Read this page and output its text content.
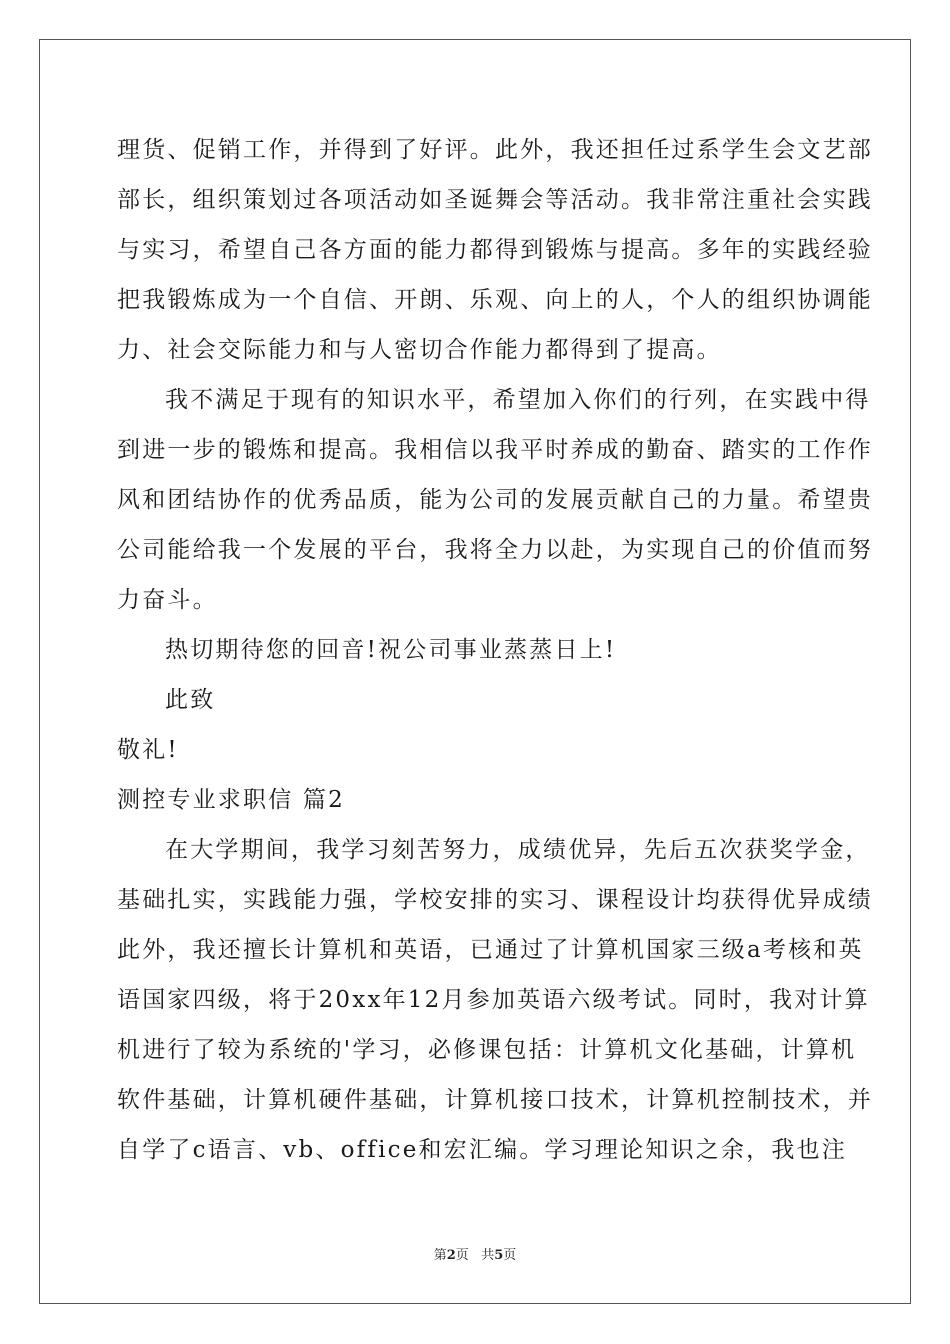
理货、促销工作，并得到了好评。此外，我还担任过系学生会文艺部
部长，组织策划过各项活动如圣诞舞会等活动。我非常注重社会实践
与实习，希望自己各方面的能力都得到锻炼与提高。多年的实践经验
把我锻炼成为一个自信、开朗、乐观、向上的人，个人的组织协调能
力、社会交际能力和与人密切合作能力都得到了提高。
我不满足于现有的知识水平，希望加入你们的行列，在实践中得
到进一步的锻炼和提高。我相信以我平时养成的勤奋、踏实的工作作
风和团结协作的优秀品质，能为公司的发展贡献自己的力量。希望贵
公司能给我一个发展的平台，我将全力以赴，为实现自己的价值而努
力奋斗。
热切期待您的回音!祝公司事业蒸蒸日上!
此致
敬礼!
测控专业求职信 篇2
在大学期间，我学习刻苦努力，成绩优异，先后五次获奖学金，
基础扎实，实践能力强，学校安排的实习、课程设计均获得优异成绩
此外，我还擅长计算机和英语，已通过了计算机国家三级a考核和英
语国家四级，将于20xx年12月参加英语六级考试。同时，我对计算
机进行了较为系统的'学习，必修课包括：计算机文化基础，计算机
软件基础，计算机硬件基础，计算机接口技术，计算机控制技术，并
自学了c语言、vb、office和宏汇编。学习理论知识之余，我也注
第2页 共5页
